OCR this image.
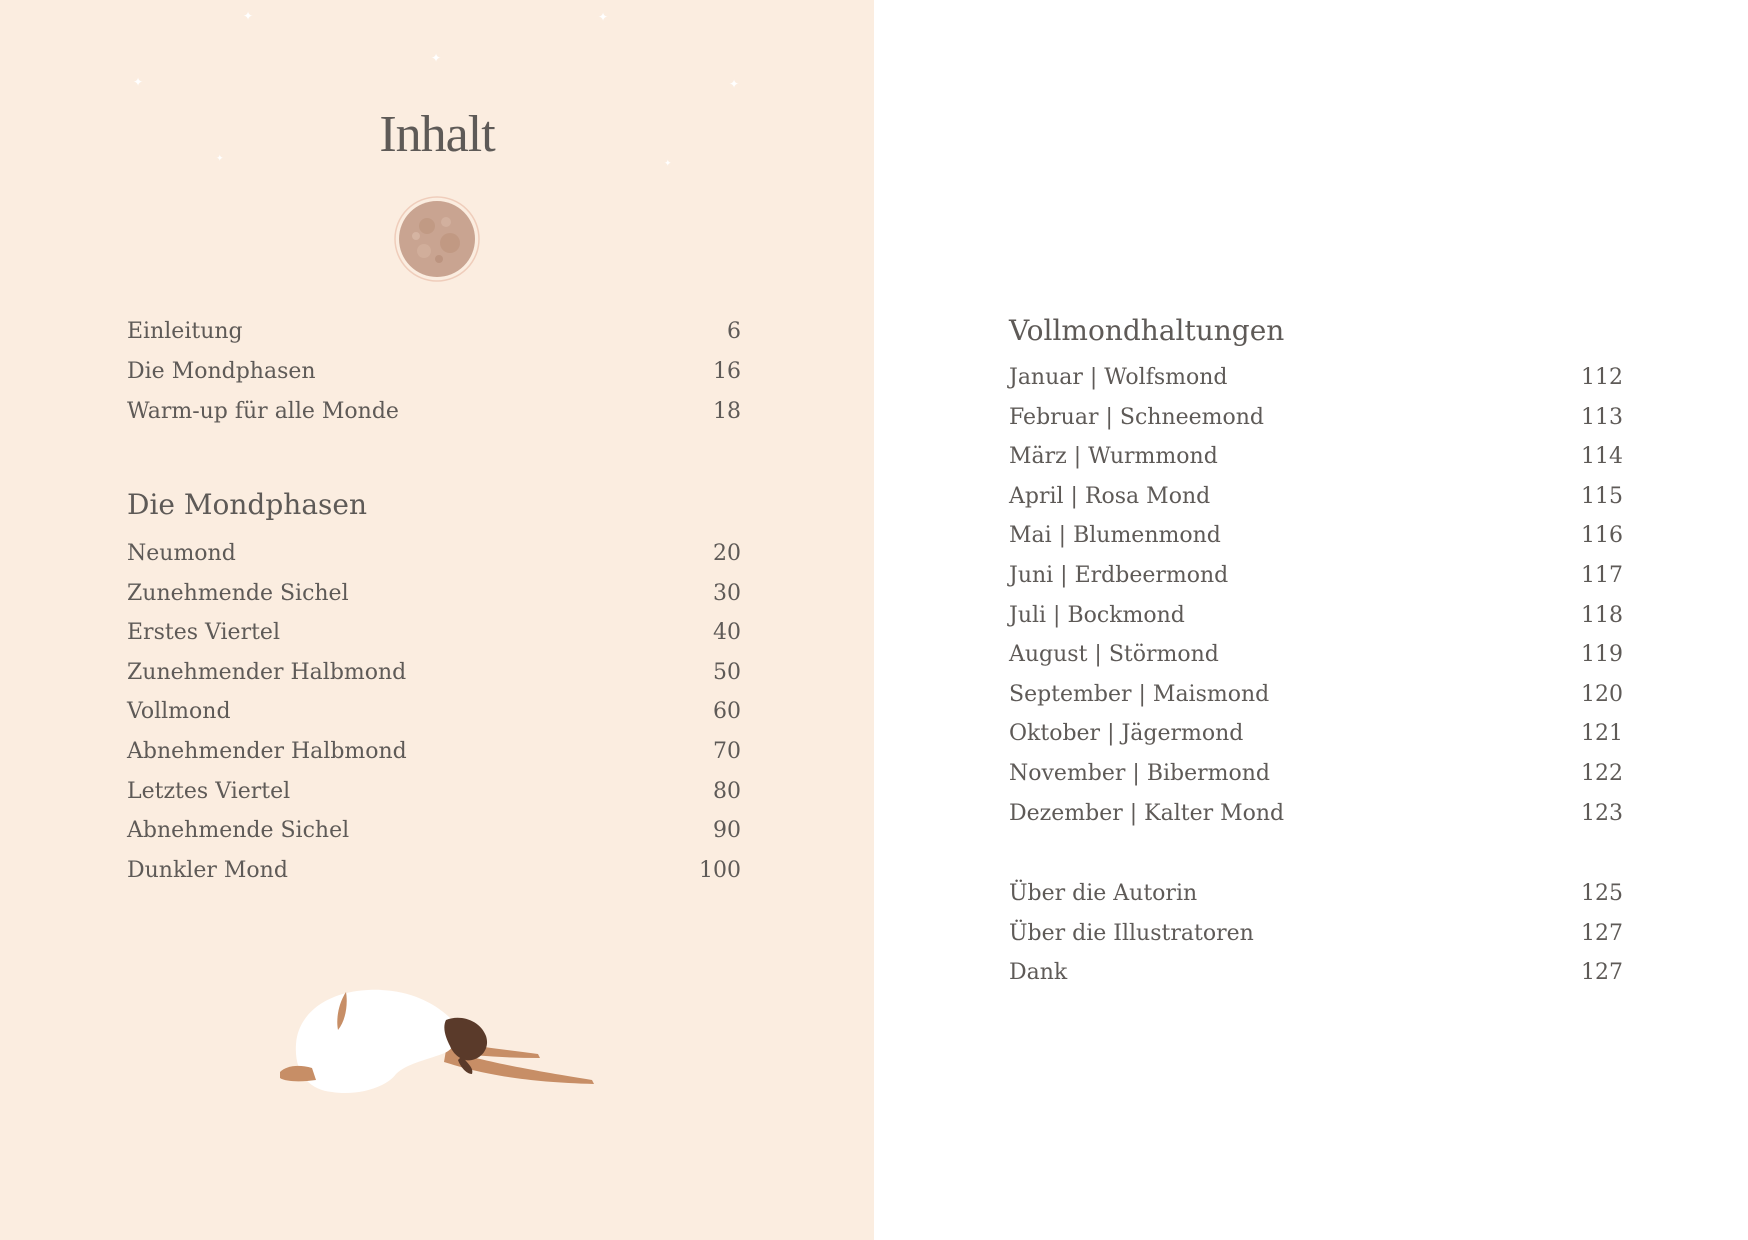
✦	✦
✦
✦	✦
✦	✦
Inhalt
Einleitung	6
Die Mondphasen	16
Warm-up für alle Monde	18
Die Mondphasen
Neumond	20
Zunehmende Sichel	30
Erstes Viertel	40
Zunehmender Halbmond	50
Vollmond	60
Abnehmender Halbmond	70
Letztes Viertel	80
Abnehmende Sichel	90
Dunkler Mond	100
Vollmondhaltungen
Januar | Wolfsmond	112
Februar | Schneemond	113
März | Wurmmond	114
April | Rosa Mond	115
Mai | Blumenmond	116
Juni | Erdbeermond	117
Juli | Bockmond	118
August | Störmond	119
September | Maismond	120
Oktober | Jägermond	121
November | Bibermond	122
Dezember | Kalter Mond	123
Über die Autorin	125
Über die Illustratoren	127
Dank	127
